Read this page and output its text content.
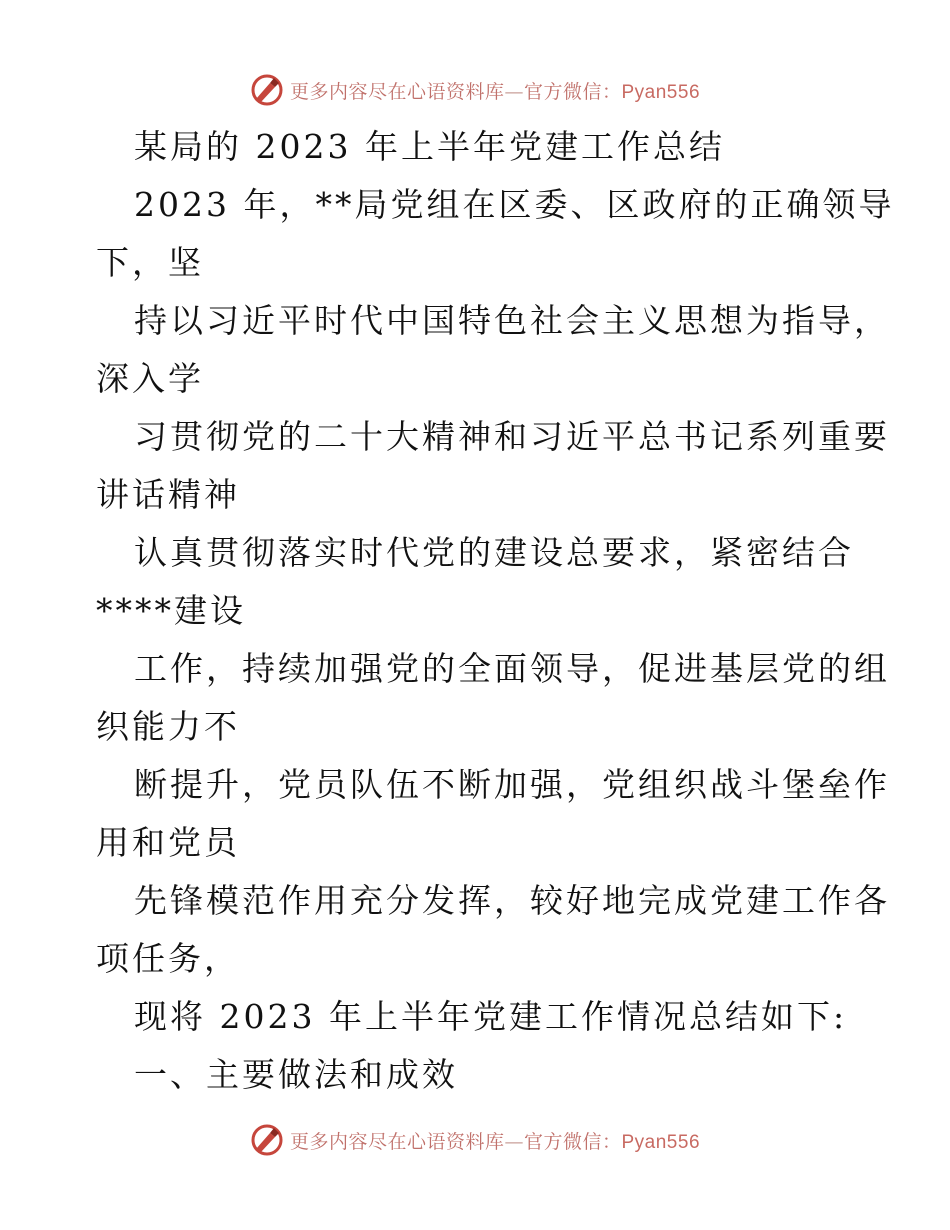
更多内容尽在心语资料库—官方微信：Pyan556
某局的 2023 年上半年党建工作总结
2023 年，**局党组在区委、区政府的正确领导
下，坚
持以习近平时代中国特色社会主义思想为指导，
深入学
习贯彻党的二十大精神和习近平总书记系列重要
讲话精神
认真贯彻落实时代党的建设总要求，紧密结合
****建设
工作，持续加强党的全面领导，促进基层党的组
织能力不
断提升，党员队伍不断加强，党组织战斗堡垒作
用和党员
先锋模范作用充分发挥，较好地完成党建工作各
项任务，
现将 2023 年上半年党建工作情况总结如下:
一、主要做法和成效
更多内容尽在心语资料库—官方微信：Pyan556
